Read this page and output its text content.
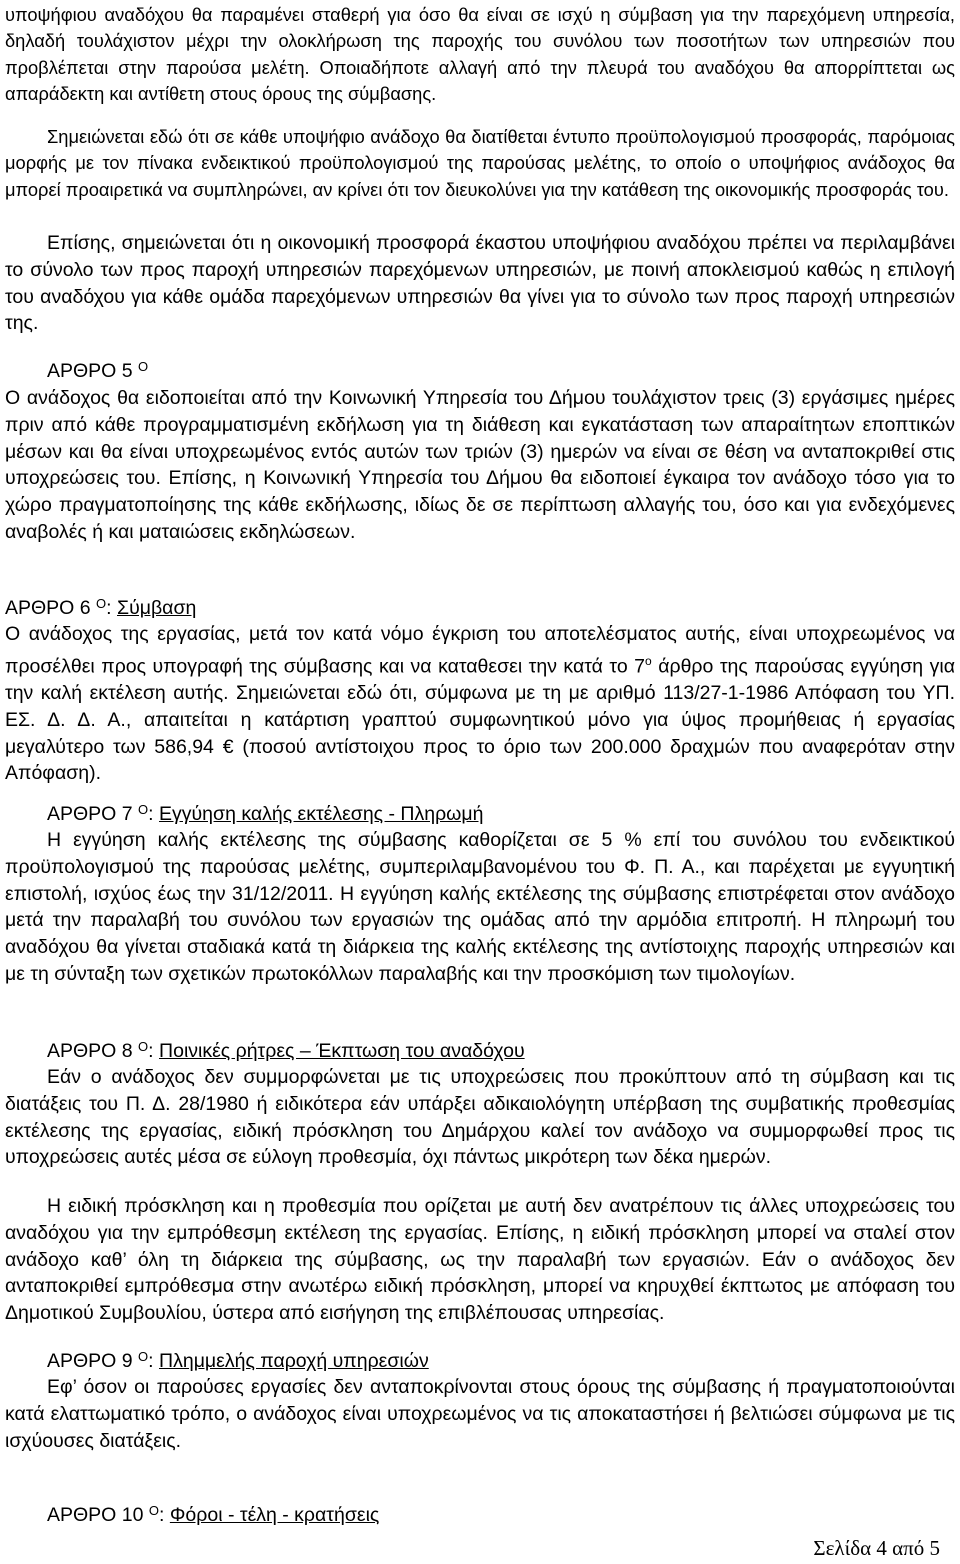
υποψήφιου αναδόχου θα παραμένει σταθερή για όσο θα είναι σε ισχύ η σύμβαση για την παρεχόμενη υπηρεσία, δηλαδή τουλάχιστον μέχρι την ολοκλήρωση της παροχής του συνόλου των ποσοτήτων των υπηρεσιών που προβλέπεται στην παρούσα μελέτη. Οποιαδήποτε αλλαγή από την πλευρά του αναδόχου θα απορρίπτεται ως απαράδεκτη και αντίθετη στους όρους της σύμβασης.

Σημειώνεται εδώ ότι σε κάθε υποψήφιο ανάδοχο θα διατίθεται έντυπο προϋπολογισμού προσφοράς, παρόμοιας μορφής με τον πίνακα ενδεικτικού προϋπολογισμού της παρούσας μελέτης, το οποίο ο υποψήφιος ανάδοχος θα μπορεί προαιρετικά να συμπληρώνει, αν κρίνει ότι τον διευκολύνει για την κατάθεση της οικονομικής προσφοράς του.

Επίσης, σημειώνεται ότι η οικονομική προσφορά έκαστου υποψήφιου αναδόχου πρέπει να περιλαμβάνει το σύνολο των προς παροχή υπηρεσιών παρεχόμενων υπηρεσιών, με ποινή αποκλεισμού καθώς η επιλογή του αναδόχου για κάθε ομάδα παρεχόμενων υπηρεσιών θα γίνει για το σύνολο των προς παροχή υπηρεσιών της.

ΑΡΘΡΟ 5 $^O$

Ο ανάδοχος θα ειδοποιείται από την Κοινωνική Υπηρεσία του Δήμου τουλάχιστον τρεις (3) εργάσιμες ημέρες πριν από κάθε προγραμματισμένη εκδήλωση για τη διάθεση και εγκατάσταση των απαραίτητων εποπτικών μέσων και θα είναι υποχρεωμένος εντός αυτών των τριών (3) ημερών να είναι σε θέση να ανταποκριθεί στις υποχρεώσεις του. Επίσης, η Κοινωνική Υπηρεσία του Δήμου θα ειδοποιεί έγκαιρα τον ανάδοχο τόσο για το χώρο πραγματοποίησης της κάθε εκδήλωσης, ιδίως δε σε περίπτωση αλλαγής του, όσο και για ενδεχόμενες αναβολές ή και ματαιώσεις εκδηλώσεων.

ΑΡΘΡΟ 6 $^O$: Σύμβαση

Ο ανάδοχος της εργασίας, μετά τον κατά νόμο έγκριση του αποτελέσματος αυτής, είναι υποχρεωμένος να προσέλθει προς υπογραφή της σύμβασης και να καταθεσει την κατά το $7^o$ άρθρο της παρούσας εγγύηση για την καλή εκτέλεση αυτής. Σημειώνεται εδώ ότι, σύμφωνα με τη με αριθμό 113/27-1-1986 Απόφαση του ΥΠ. ΕΣ. Δ. Δ. Α., απαιτείται η κατάρτιση γραπτού συμφωνητικού μόνο για ύψος προμήθειας ή εργασίας μεγαλύτερο των 586,94 € (ποσού αντίστοιχου προς το όριο των 200.000 δραχμών που αναφερόταν στην Απόφαση).

ΑΡΘΡΟ 7 $^O$: Εγγύηση καλής εκτέλεσης - Πληρωμή

Η εγγύηση καλής εκτέλεσης της σύμβασης καθορίζεται σε 5 % επί του συνόλου του ενδεικτικού προϋπολογισμού της παρούσας μελέτης, συμπεριλαμβανομένου του Φ. Π. Α., και παρέχεται με εγγυητική επιστολή, ισχύος έως την 31/12/2011. Η εγγύηση καλής εκτέλεσης της σύμβασης επιστρέφεται στον ανάδοχο μετά την παραλαβή του συνόλου των εργασιών της ομάδας από την αρμόδια επιτροπή. Η πληρωμή του αναδόχου θα γίνεται σταδιακά κατά τη διάρκεια της καλής εκτέλεσης της αντίστοιχης παροχής υπηρεσιών και με τη σύνταξη των σχετικών πρωτοκόλλων παραλαβής και την προσκόμιση των τιμολογίων.

ΑΡΘΡΟ 8 $^O$: Ποινικές ρήτρες – Έκπτωση του αναδόχου

Εάν ο ανάδοχος δεν συμμορφώνεται με τις υποχρεώσεις που προκύπτουν από τη σύμβαση και τις διατάξεις του Π. Δ. 28/1980 ή ειδικότερα εάν υπάρξει αδικαιολόγητη υπέρβαση της συμβατικής προθεσμίας εκτέλεσης της εργασίας, ειδική πρόσκληση του Δημάρχου καλεί τον ανάδοχο να συμμορφωθεί προς τις υποχρεώσεις αυτές μέσα σε εύλογη προθεσμία, όχι πάντως μικρότερη των δέκα ημερών.

Η ειδική πρόσκληση και η προθεσμία που ορίζεται με αυτή δεν ανατρέπουν τις άλλες υποχρεώσεις του αναδόχου για την εμπρόθεσμη εκτέλεση της εργασίας. Επίσης, η ειδική πρόσκληση μπορεί να σταλεί στον ανάδοχο καθ’ όλη τη διάρκεια της σύμβασης, ως την παραλαβή των εργασιών. Εάν ο ανάδοχος δεν ανταποκριθεί εμπρόθεσμα στην ανωτέρω ειδική πρόσκληση, μπορεί να κηρυχθεί έκπτωτος με απόφαση του Δημοτικού Συμβουλίου, ύστερα από εισήγηση της επιβλέπουσας υπηρεσίας.

ΑΡΘΡΟ 9 $^O$: Πλημμελής παροχή υπηρεσιών

Εφ’ όσον οι παρούσες εργασίες δεν ανταποκρίνονται στους όρους της σύμβασης ή πραγματοποιούνται κατά ελαττωματικό τρόπο, ο ανάδοχος είναι υποχρεωμένος να τις αποκαταστήσει ή βελτιώσει σύμφωνα με τις ισχύουσες διατάξεις.

ΑΡΘΡΟ 10 $^O$: Φόροι - τέλη - κρατήσεις
Σελίδα 4 από 5
